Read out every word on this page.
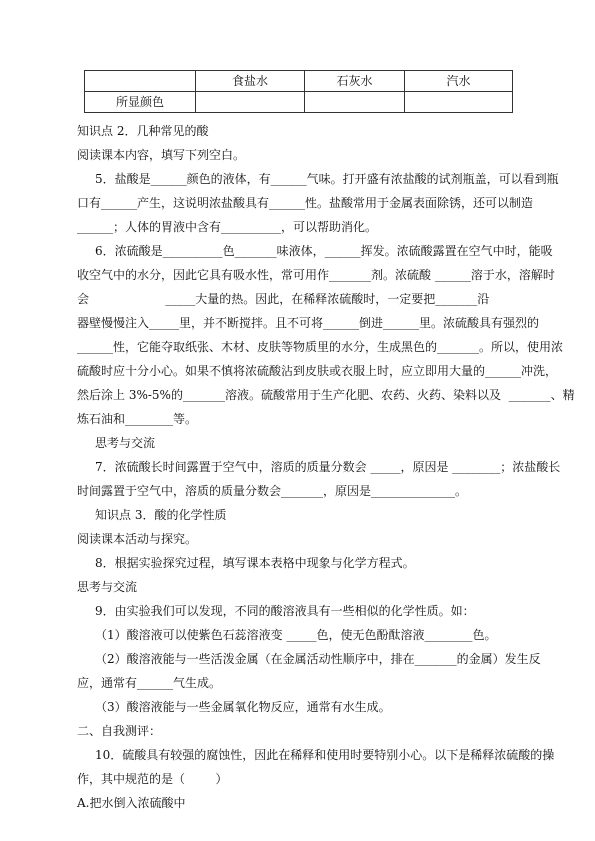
	食盐水	石灰水	汽水
所显颜色			
知识点 2．几种常见的酸
阅读课本内容，填写下列空白。
5．盐酸是______颜色的液体，有______气味。打开盛有浓盐酸的试剂瓶盖，可以看到瓶
口有______产生，这说明浓盐酸具有______性。盐酸常用于金属表面除锈，还可以制造
______；人体的胃液中含有__________，可以帮助消化。
6．浓硫酸是__________色_______味液体，______挥发。浓硫酸露置在空气中时，能吸
收空气中的水分，因此它具有吸水性，常可用作_______剂。浓硫酸 ______溶于水，溶解时
会                    _____大量的热。因此，在稀释浓硫酸时，一定要把_______沿
器壁慢慢注入_____里，并不断搅拌。且不可将______倒进______里。浓硫酸具有强烈的
______性，它能夺取纸张、木材、皮肤等物质里的水分，生成黑色的_______。所以，使用浓
硫酸时应十分小心。如果不慎将浓硫酸沾到皮肤或衣服上时，应立即用大量的______冲洗，
然后涂上 3%-5%的_______溶液。硫酸常用于生产化肥、农药、火药、染料以及  _______、精
炼石油和________等。
思考与交流
7．浓硫酸长时间露置于空气中，溶质的质量分数会 _____，原因是 ________；浓盐酸长
时间露置于空气中，溶质的质量分数会_______，原因是______________。
知识点 3．酸的化学性质
阅读课本活动与探究。
8．根据实验探究过程，填写课本表格中现象与化学方程式。
思考与交流
9．由实验我们可以发现，不同的酸溶液具有一些相似的化学性质。如：
（1）酸溶液可以使紫色石蕊溶液变 _____色，使无色酚酞溶液________色。
（2）酸溶液能与一些活泼金属（在金属活动性顺序中，排在_______的金属）发生反
应，通常有______气生成。
（3）酸溶液能与一些金属氧化物反应，通常有水生成。
二、自我测评：
10．硫酸具有较强的腐蚀性，因此在稀释和使用时要特别小心。以下是稀释浓硫酸的操
作，其中规范的是（        ）
A.把水倒入浓硫酸中
